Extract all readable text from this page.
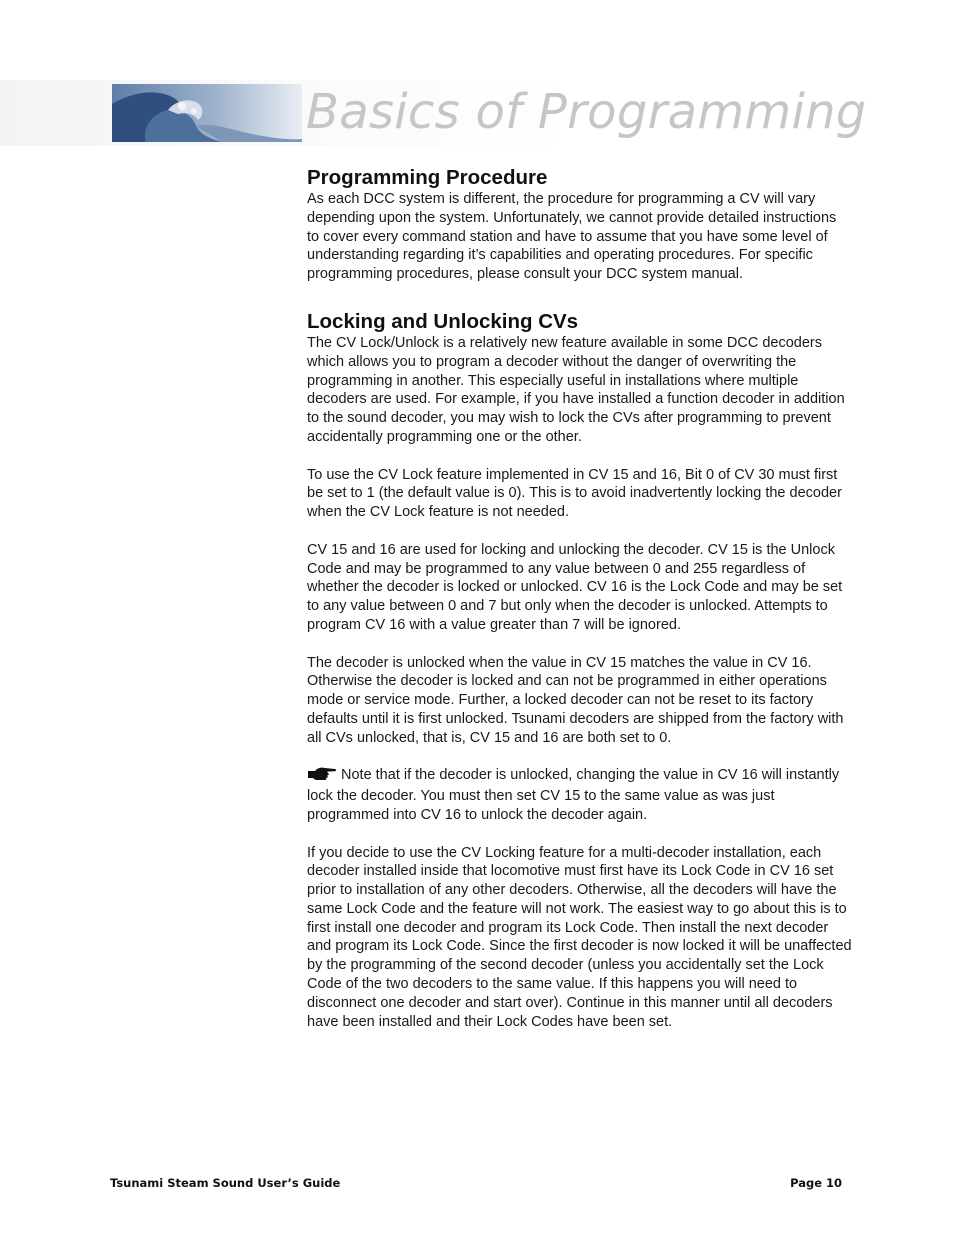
Basics of Programming
Programming Procedure

As each DCC system is different, the procedure for programming a CV will vary depending upon the system. Unfortunately, we cannot provide detailed instructions to cover every command station and have to assume that you have some level of understanding regarding it’s capabilities and operating procedures. For specific programming procedures, please consult your DCC system manual.

Locking and Unlocking CVs

The CV Lock/Unlock is a relatively new feature available in some DCC decoders which allows you to program a decoder without the danger of overwriting the programming in another. This especially useful in installations where multiple decoders are used. For example, if you have installed a function decoder in addition to the sound decoder, you may wish to lock the CVs after programming to prevent accidentally programming one or the other.

To use the CV Lock feature implemented in CV 15 and 16, Bit 0 of CV 30 must first be set to 1 (the default value is 0). This is to avoid inadvertently locking the decoder when the CV Lock feature is not needed.

CV 15 and 16 are used for locking and unlocking the decoder. CV 15 is the Unlock Code and may be programmed to any value between 0 and 255 regardless of whether the decoder is locked or unlocked. CV 16 is the Lock Code and may be set to any value between 0 and 7 but only when the decoder is unlocked. Attempts to program CV 16 with a value greater than 7 will be ignored.

The decoder is unlocked when the value in CV 15 matches the value in CV 16. Otherwise the decoder is locked and can not be programmed in either operations mode or service mode. Further, a locked decoder can not be reset to its factory defaults until it is first unlocked. Tsunami decoders are shipped from the factory with all CVs unlocked, that is, CV 15 and 16 are both set to 0.

Note that if the decoder is unlocked, changing the value in CV 16 will instantly lock the decoder. You must then set CV 15 to the same value as was just programmed into CV 16 to unlock the decoder again.

If you decide to use the CV Locking feature for a multi-decoder installation, each decoder installed inside that locomotive must first have its Lock Code in CV 16 set prior to installation of any other decoders. Otherwise, all the decoders will have the same Lock Code and the feature will not work. The easiest way to go about this is to first install one decoder and program its Lock Code. Then install the next decoder and program its Lock Code. Since the first decoder is now locked it will be unaffected by the programming of the second decoder (unless you accidentally set the Lock Code of the two decoders to the same value. If this happens you will need to disconnect one decoder and start over). Continue in this manner until all decoders have been installed and their Lock Codes have been set.

Tsunami Steam Sound User’s Guide	Page 10
